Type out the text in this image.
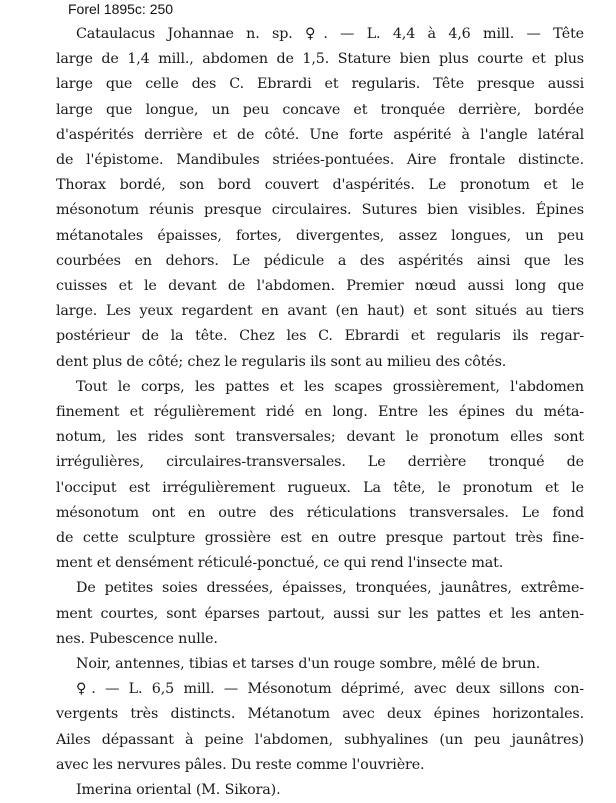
Forel 1895c: 250
Cataulacus Johannae n. sp. ♀. — L. 4,4 à 4,6 mill. — Tête
large de 1,4 mill., abdomen de 1,5. Stature bien plus courte et plus
large que celle des C. Ebrardi et regularis. Tête presque aussi
large que longue, un peu concave et tronquée derrière, bordée
d'aspérités derrière et de côté. Une forte aspérité à l'angle latéral
de l'épistome. Mandibules striées-pontuées. Aire frontale distincte.
Thorax bordé, son bord couvert d'aspérités. Le pronotum et le
mésonotum réunis presque circulaires. Sutures bien visibles. Épines
métanotales épaisses, fortes, divergentes, assez longues, un peu
courbées en dehors. Le pédicule a des aspérités ainsi que les
cuisses et le devant de l'abdomen. Premier nœud aussi long que
large. Les yeux regardent en avant (en haut) et sont situés au tiers
postérieur de la tête. Chez les C. Ebrardi et regularis ils regar-
dent plus de côté; chez le regularis ils sont au milieu des côtés.
Tout le corps, les pattes et les scapes grossièrement, l'abdomen
finement et régulièrement ridé en long. Entre les épines du méta-
notum, les rides sont transversales; devant le pronotum elles sont
irrégulières, circulaires-transversales. Le derrière tronqué de
l'occiput est irrégulièrement rugueux. La tête, le pronotum et le
mésonotum ont en outre des réticulations transversales. Le fond
de cette sculpture grossière est en outre presque partout très fine-
ment et densément réticulé-ponctué, ce qui rend l'insecte mat.
De petites soies dressées, épaisses, tronquées, jaunâtres, extrême-
ment courtes, sont éparses partout, aussi sur les pattes et les anten-
nes. Pubescence nulle.
Noir, antennes, tibias et tarses d'un rouge sombre, mêlé de brun.
♀. — L. 6,5 mill. — Mésonotum déprimé, avec deux sillons con-
vergents très distincts. Métanotum avec deux épines horizontales.
Ailes dépassant à peine l'abdomen, subhyalines (un peu jaunâtres)
avec les nervures pâles. Du reste comme l'ouvrière.
Imerina oriental (M. Sikora).
